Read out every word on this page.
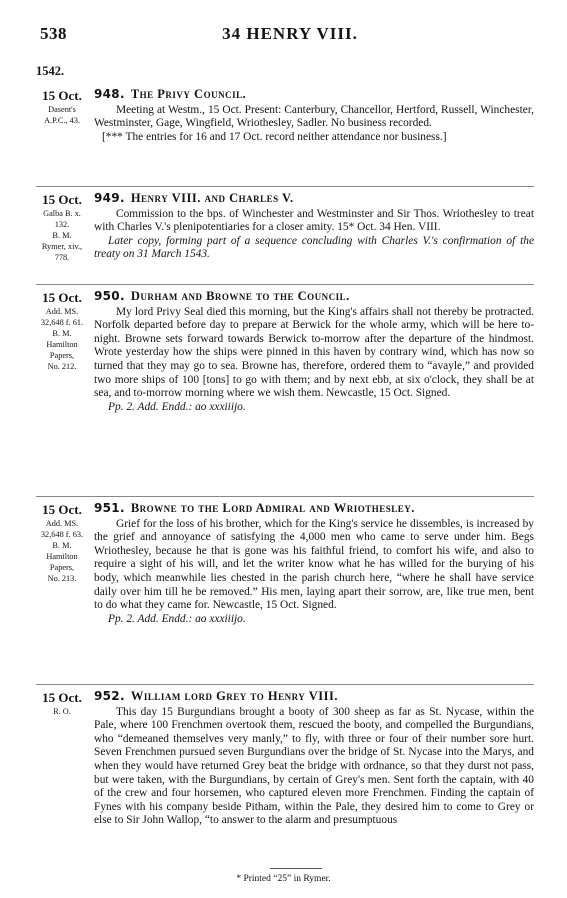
538	34 HENRY VIII.
1542.
15 Oct.
Dasent's
A.P.C., 43.
948. The Privy Council.

Meeting at Westm., 15 Oct. Present: Canterbury, Chancellor, Hertford, Russell, Winchester, Westminster, Gage, Wingfield, Wriothesley, Sadler. No business recorded.

[*** The entries for 16 and 17 Oct. record neither attendance nor business.]

15 Oct.
Galba B. x.
132.
B. M.
Rymer, xiv.,
778.
949. Henry VIII. and Charles V.

Commission to the bps. of Winchester and Westminster and Sir Thos. Wriothesley to treat with Charles V.'s plenipotentiaries for a closer amity. 15* Oct. 34 Hen. VIII.

Later copy, forming part of a sequence concluding with Charles V.'s confirmation of the treaty on 31 March 1543.

15 Oct.
Add. MS.
32,648 f. 61.
B. M.
Hamilton
Papers,
No. 212.
950. Durham and Browne to the Council.

My lord Privy Seal died this morning, but the King's affairs shall not thereby be protracted. Norfolk departed before day to prepare at Berwick for the whole army, which will be here to-night. Browne sets forward towards Berwick to-morrow after the departure of the hindmost. Wrote yesterday how the ships were pinned in this haven by contrary wind, which has now so turned that they may go to sea. Browne has, therefore, ordered them to “avayle,” and provided two more ships of 100 [tons] to go with them; and by next ebb, at six o'clock, they shall be at sea, and to-morrow morning where we wish them. Newcastle, 15 Oct. Signed.

Pp. 2. Add. Endd.: ao xxxiiijo.

15 Oct.
Add. MS.
32,648 f. 63.
B. M.
Hamilton
Papers,
No. 213.
951. Browne to the Lord Admiral and Wriothesley.

Grief for the loss of his brother, which for the King's service he dissembles, is increased by the grief and annoyance of satisfying the 4,000 men who came to serve under him. Begs Wriothesley, because he that is gone was his faithful friend, to comfort his wife, and also to require a sight of his will, and let the writer know what he has willed for the burying of his body, which meanwhile lies chested in the parish church here, “where he shall have service daily over him till he be removed.” His men, laying apart their sorrow, are, like true men, bent to do what they came for. Newcastle, 15 Oct. Signed.

Pp. 2. Add. Endd.: ao xxxiiijo.

15 Oct.
R. O.
952. William lord Grey to Henry VIII.

This day 15 Burgundians brought a booty of 300 sheep as far as St. Nycase, within the Pale, where 100 Frenchmen overtook them, rescued the booty, and compelled the Burgundians, who “demeaned themselves very manly,” to fly, with three or four of their number sore hurt. Seven Frenchmen pursued seven Burgundians over the bridge of St. Nycase into the Marys, and when they would have returned Grey beat the bridge with ordnance, so that they durst not pass, but were taken, with the Burgundians, by certain of Grey's men. Sent forth the captain, with 40 of the crew and four horsemen, who captured eleven more Frenchmen. Finding the captain of Fynes with his company beside Pitham, within the Pale, they desired him to come to Grey or else to Sir John Wallop, “to answer to the alarm and presumptuous

* Printed “25” in Rymer.
